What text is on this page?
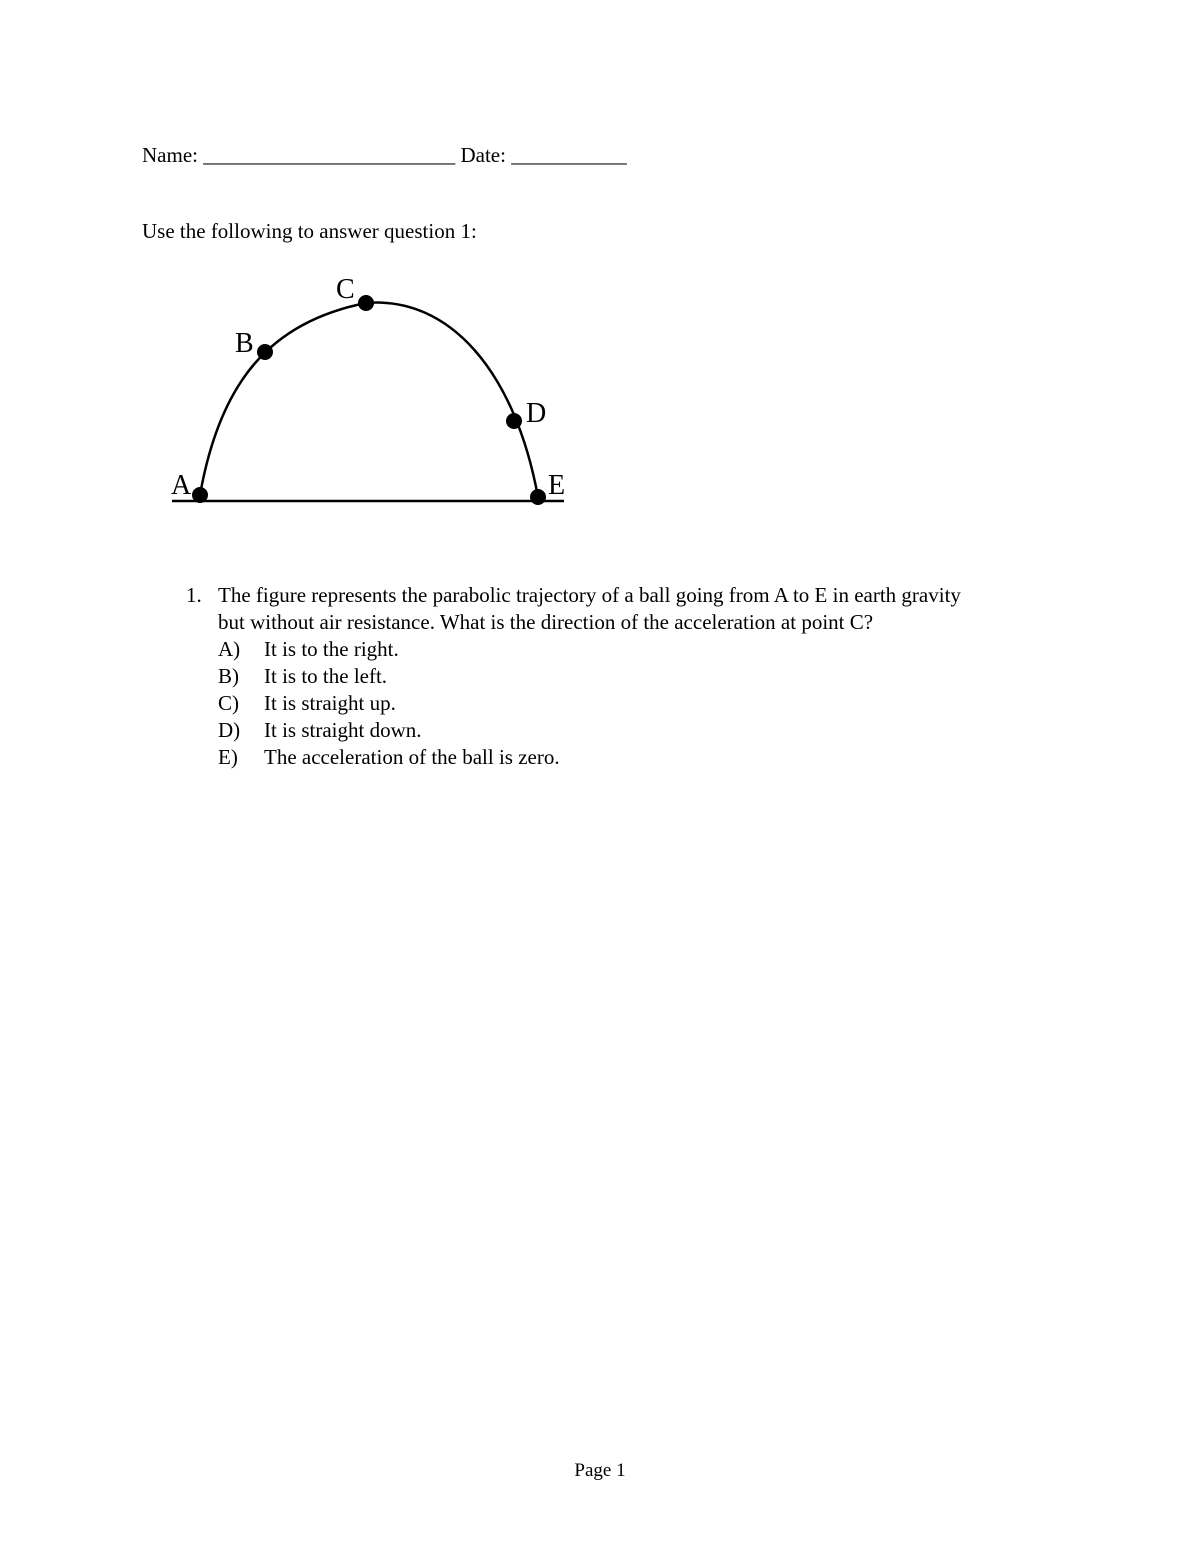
Name: ________________________ Date: ___________
Use the following to answer question 1:
A
B
C
D
E
1. The figure represents the parabolic trajectory of a ball going from A to E in earth gravity
but without air resistance. What is the direction of the acceleration at point C?
A)	It is to the right.
B)	It is to the left.
C)	It is straight up.
D)	It is straight down.
E)	The acceleration of the ball is zero.
Page 1
